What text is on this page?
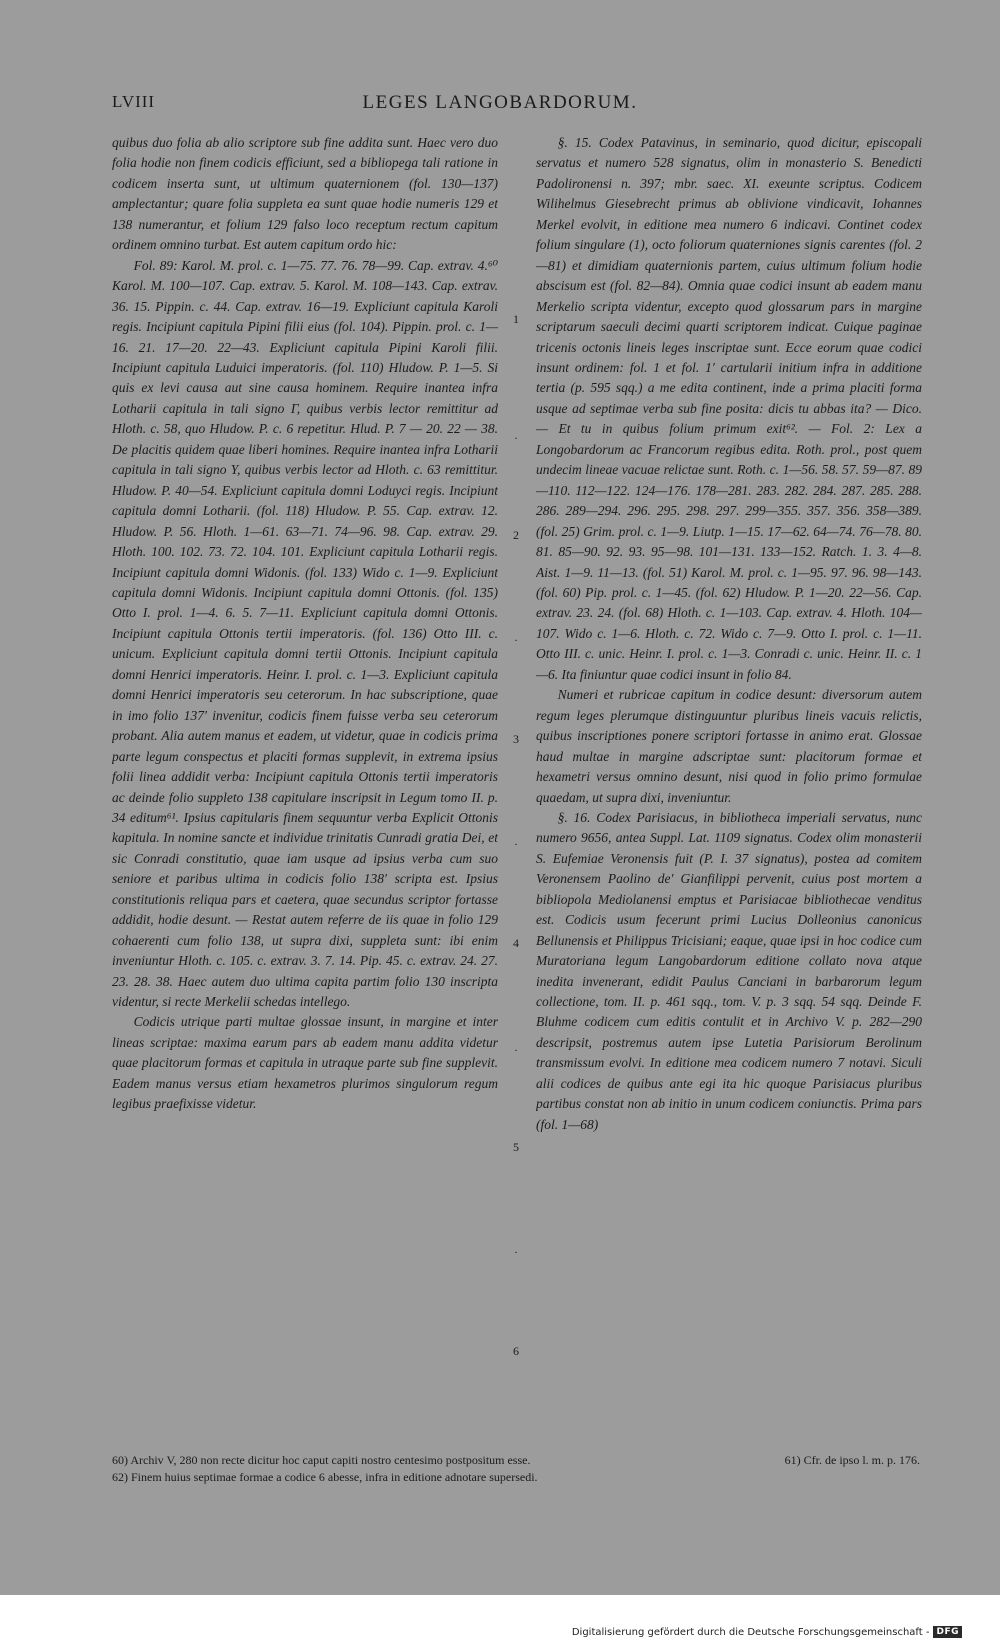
LVIII	LEGES LANGOBARDORUM.

quibus duo folia ab alio scriptore sub fine addita sunt. Haec vero duo folia hodie non finem codicis efficiunt, sed a bibliopega tali ratione in codicem inserta sunt, ut ultimum quaternionem (fol. 130—137) amplectantur; quare folia suppleta ea sunt quae hodie numeris 129 et 138 numerantur, et folium 129 falso loco receptum rectum capitum ordinem omnino turbat. Est autem capitum ordo hic:

Fol. 89: Karol. M. prol. c. 1—75. 77. 76. 78—99. Cap. extrav. 4.⁶⁰ Karol. M. 100—107. Cap. extrav. 5. Karol. M. 108—143. Cap. extrav. 36. 15. Pippin. c. 44. Cap. extrav. 16—19. Expliciunt capitula Karoli regis. Incipiunt capitula Pipini filii eius (fol. 104). Pippin. prol. c. 1—16. 21. 17—20. 22—43. Expliciunt capitula Pipini Karoli filii. Incipiunt capitula Luduici imperatoris. (fol. 110) Hludow. P. 1—5. Si quis ex levi causa aut sine causa hominem. Require inantea infra Lotharii capitula in tali signo Γ, quibus verbis lector remittitur ad Hloth. c. 58, quo Hludow. P. c. 6 repetitur. Hlud. P. 7 — 20. 22 — 38. De placitis quidem quae liberi homines. Require inantea infra Lotharii capitula in tali signo Υ, quibus verbis lector ad Hloth. c. 63 remittitur. Hludow. P. 40—54. Expliciunt capitula domni Loduyci regis. Incipiunt capitula domni Lotharii. (fol. 118) Hludow. P. 55. Cap. extrav. 12. Hludow. P. 56. Hloth. 1—61. 63—71. 74—96. 98. Cap. extrav. 29. Hloth. 100. 102. 73. 72. 104. 101. Expliciunt capitula Lotharii regis. Incipiunt capitula domni Widonis. (fol. 133) Wido c. 1—9. Expliciunt capitula domni Widonis. Incipiunt capitula domni Ottonis. (fol. 135) Otto I. prol. 1—4. 6. 5. 7—11. Expliciunt capitula domni Ottonis. Incipiunt capitula Ottonis tertii imperatoris. (fol. 136) Otto III. c. unicum. Expliciunt capitula domni tertii Ottonis. Incipiunt capitula domni Henrici imperatoris. Heinr. I. prol. c. 1—3. Expliciunt capitula domni Henrici imperatoris seu ceterorum. In hac subscriptione, quae in imo folio 137′ invenitur, codicis finem fuisse verba seu ceterorum probant. Alia autem manus et eadem, ut videtur, quae in codicis prima parte legum conspectus et placiti formas supplevit, in extrema ipsius folii linea addidit verba: Incipiunt capitula Ottonis tertii imperatoris ac deinde folio suppleto 138 capitulare inscripsit in Legum tomo II. p. 34 editum⁶¹. Ipsius capitularis finem sequuntur verba Explicit Ottonis kapitula. In nomine sancte et individue trinitatis Cunradi gratia Dei, et sic Conradi constitutio, quae iam usque ad ipsius verba cum suo seniore et paribus ultima in codicis folio 138′ scripta est. Ipsius constitutionis reliqua pars et caetera, quae secundus scriptor fortasse addidit, hodie desunt. — Restat autem referre de iis quae in folio 129 cohaerenti cum folio 138, ut supra dixi, suppleta sunt: ibi enim inveniuntur Hloth. c. 105. c. extrav. 3. 7. 14. Pip. 45. c. extrav. 24. 27. 23. 28. 38. Haec autem duo ultima capita partim folio 130 inscripta videntur, si recte Merkelii schedas intellego.

Codicis utrique parti multae glossae insunt, in margine et inter lineas scriptae: maxima earum pars ab eadem manu addita videtur quae placitorum formas et capitula in utraque parte sub fine supplevit. Eadem manus versus etiam hexametros plurimos singulorum regum legibus praefixisse videtur.

1
.
2
.
3
.
4
.
5
.
6

§. 15. Codex Patavinus, in seminario, quod dicitur, episcopali servatus et numero 528 signatus, olim in monasterio S. Benedicti Padolironensi n. 397; mbr. saec. XI. exeunte scriptus. Codicem Wilihelmus Giesebrecht primus ab oblivione vindicavit, Iohannes Merkel evolvit, in editione mea numero 6 indicavi. Continet codex folium singulare (1), octo foliorum quaterniones signis carentes (fol. 2—81) et dimidiam quaternionis partem, cuius ultimum folium hodie abscisum est (fol. 82—84). Omnia quae codici insunt ab eadem manu Merkelio scripta videntur, excepto quod glossarum pars in margine scriptarum saeculi decimi quarti scriptorem indicat. Cuique paginae tricenis octonis lineis leges inscriptae sunt. Ecce eorum quae codici insunt ordinem: fol. 1 et fol. 1′ cartularii initium infra in additione tertia (p. 595 sqq.) a me edita continent, inde a prima placiti forma usque ad septimae verba sub fine posita: dicis tu abbas ita? — Dico. — Et tu in quibus folium primum exit⁶². — Fol. 2: Lex a Longobardorum ac Francorum regibus edita. Roth. prol., post quem undecim lineae vacuae relictae sunt. Roth. c. 1—56. 58. 57. 59—87. 89—110. 112—122. 124—176. 178—281. 283. 282. 284. 287. 285. 288. 286. 289—294. 296. 295. 298. 297. 299—355. 357. 356. 358—389. (fol. 25) Grim. prol. c. 1—9. Liutp. 1—15. 17—62. 64—74. 76—78. 80. 81. 85—90. 92. 93. 95—98. 101—131. 133—152. Ratch. 1. 3. 4—8. Aist. 1—9. 11—13. (fol. 51) Karol. M. prol. c. 1—95. 97. 96. 98—143. (fol. 60) Pip. prol. c. 1—45. (fol. 62) Hludow. P. 1—20. 22—56. Cap. extrav. 23. 24. (fol. 68) Hloth. c. 1—103. Cap. extrav. 4. Hloth. 104—107. Wido c. 1—6. Hloth. c. 72. Wido c. 7—9. Otto I. prol. c. 1—11. Otto III. c. unic. Heinr. I. prol. c. 1—3. Conradi c. unic. Heinr. II. c. 1—6. Ita finiuntur quae codici insunt in folio 84.

Numeri et rubricae capitum in codice desunt: diversorum autem regum leges plerumque distinguuntur pluribus lineis vacuis relictis, quibus inscriptiones ponere scriptori fortasse in animo erat. Glossae haud multae in margine adscriptae sunt: placitorum formae et hexametri versus omnino desunt, nisi quod in folio primo formulae quaedam, ut supra dixi, inveniuntur.

§. 16. Codex Parisiacus, in bibliotheca imperiali servatus, nunc numero 9656, antea Suppl. Lat. 1109 signatus. Codex olim monasterii S. Eufemiae Veronensis fuit (P. I. 37 signatus), postea ad comitem Veronensem Paolino de' Gianfilippi pervenit, cuius post mortem a bibliopola Mediolanensi emptus et Parisiacae bibliothecae venditus est. Codicis usum fecerunt primi Lucius Dolleonius canonicus Bellunensis et Philippus Tricisiani; eaque, quae ipsi in hoc codice cum Muratoriana legum Langobardorum editione collato nova atque inedita invenerant, edidit Paulus Canciani in barbarorum legum collectione, tom. II. p. 461 sqq., tom. V. p. 3 sqq. 54 sqq. Deinde F. Bluhme codicem cum editis contulit et in Archivo V. p. 282—290 descripsit, postremus autem ipse Lutetia Parisiorum Berolinum transmissum evolvi. In editione mea codicem numero 7 notavi. Siculi alii codices de quibus ante egi ita hic quoque Parisiacus pluribus partibus constat non ab initio in unum codicem coniunctis. Prima pars (fol. 1—68)

60) Archiv V, 280 non recte dicitur hoc caput capiti nostro centesimo postpositum esse.	61) Cfr. de ipso l. m. p. 176.
62) Finem huius septimae formae a codice 6 abesse, infra in editione adnotare supersedi.
Digitalisierung gefördert durch die Deutsche Forschungsgemeinschaft - DFG
